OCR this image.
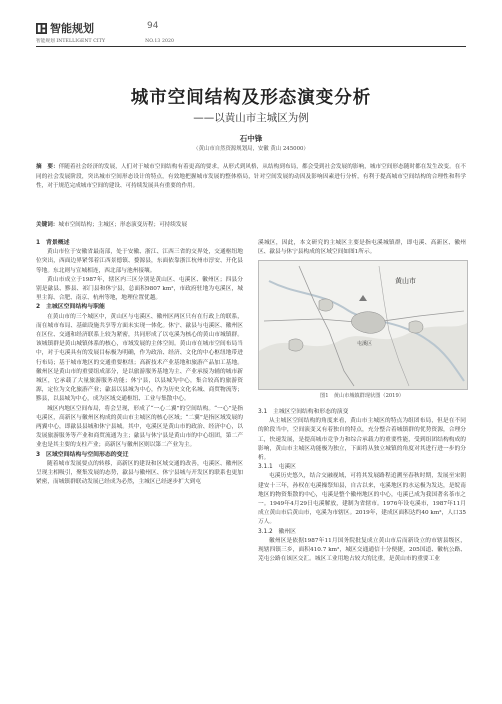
智能规划	94
智能规划 INTELLIGENT CITY	NO.13 2020
城市空间结构及形态演变分析
——以黄山市主城区为例
石中锋
（黄山市自然资源规划局，安徽 黄山 245000）
摘　要：伴随着社会经济的发展，人们对于城市空间结构有着更高的要求，从形式到风格，从结构到布局，都会受到社会发展的影响，城市空间形态随时都在发生改变。在不同的社会发展阶段，突出城市空间形态设计的特点，有效地把握城市发展的整体格局，针对空间发展的动因及影响因素进行分析，有利于提高城市空间结构的合理性和科学性，对于规范完成城市空间的建设、可持续发展具有重要的作用。
关键词：城市空间结构；主城区；形态演变历程；可持续发展
1　背景概述

黄山市位于安徽省最南部，处于安徽、浙江、江西三省的交界处，交通枢纽地位突出，西面边界紧邻着江西景德镇、婺源县，东面依靠浙江杭州市淳安、开化县等地。东北则与宣城相连，西北部与池州接壤。

黄山市成立于1987年，辖区内三区分别是黄山区、屯溪区、徽州区；四县分别是歙县、黟县、祁门县和休宁县，总面积9807 km²，市政府驻地为屯溪区，城里主海、合肥、南京、杭州等地，地理位置优越。

2　主城区空间结构与职能

在黄山市的三个城区中，黄山区与屯溪区、徽州区两区只有在行政上的联系，而在城市布局、基础设施共享等方面未实现一体化。休宁、歙县与屯溪区、徽州区在区位、交通和经济联系上较为紧密，共同形成了以屯溪为核心的黄山市城镇群。该城镇群是黄山城镇体系的核心，市域发展的主体空间。黄山市在城市空间布局当中，对于屯溪具有的发展目标极为明确，作为政治、经济、文化的中心枢纽地带进行布局；基于城市地区的交通重要枢纽；高新技术产业基地和旅游产品加工基地。徽州区是黄山市的重要组成部分，是以旅游服务基地为主、产业承接为辅的城市新城区，它承载了大量旅游服务功能；休宁县，以县城为中心，集合较高的旅游资源，定位为文化旅游产业；歙县以县城为中心，作为历史文化名城、商贸物流等；黟县，以县城为中心，成为区域交通枢纽、工业与集散中心。

城区内地区空间布局，将会呈现，形成了“一心二翼”的空间结构。“一心”是指屯溪区，高新区与徽州区构成的黄山市主城区的核心区域；“二翼”是指区域发展的两翼中心，即歙县县城和休宁县城。其中，屯溪区是黄山市的政治、经济中心，以发展旅游服务等产业和商贸流通为主；歙县与休宁县是黄山市的中心组团，第二产业也是其主要的支柱产业；高新区与徽州区则以第二产业为主。

3　区域空间结构与空间形态的变迁

随着城市发展要点的转移，高新区的建设和区域交通的改善，屯溪区、徽州区呈现主相吸引，聚集发展的态势，歙县与徽州区、休宁县城与开发区的联系也更加紧密，而城镇群联动发展已经成为必然，主城区已经逐步扩大到屯

溪城区，因此，本文研究的主城区主要是指屯溪城镇群，即屯溪、高新区、徽州区、歙县与休宁县构成的区域空间如图1所示。

黄山市
屯溪区
图1　黄山市城镇群现状图（2019）
3.1　主城区空间结构和形态的演变

从主城区空间结构的角度来看，黄山市主城区的特点为组团布局，但是在不同的阶段当中，空间演变又有着独自的特点，充分整合着城镇群的优势资源，合理分工，快速发展，是提高城市竞争力和综合承载力的重要性能，受到组团结构构成的影响，黄山市主城区功能极为独立，下面将从独立城镇的角度对其进行进一步的分析。

3.1.1　屯溪区

屯溪历史悠久，结合交融视域，可将其发展路程追溯至春秋时期，发展至宋朝建安十三年，孙权在屯溪操祭知县，自古以来，屯溪地区的水运极为发达，是皖南地区的物资集散的中心，屯溪是整个徽州地区的中心，屯溪已成为我国著名茶市之一。1949年4月29日屯溪解放，建制为省辖市。1976年设屯溪市，1987年11月成立黄山市后黄山市，屯溪为市辖区。2019年，建成区面积达约40 km²，人口35万人。

3.1.2　徽州区

徽州区是依据1987年11月国务院批复成立黄山市后而新设立的市辖县级区，现辖四镇三乡，面积410.7 km²，城区交通通信十分便捷，205国道、徽杭公路、芜屯公路在该区交汇。城区工业用地占较大的比重，是黄山市的重要工业
